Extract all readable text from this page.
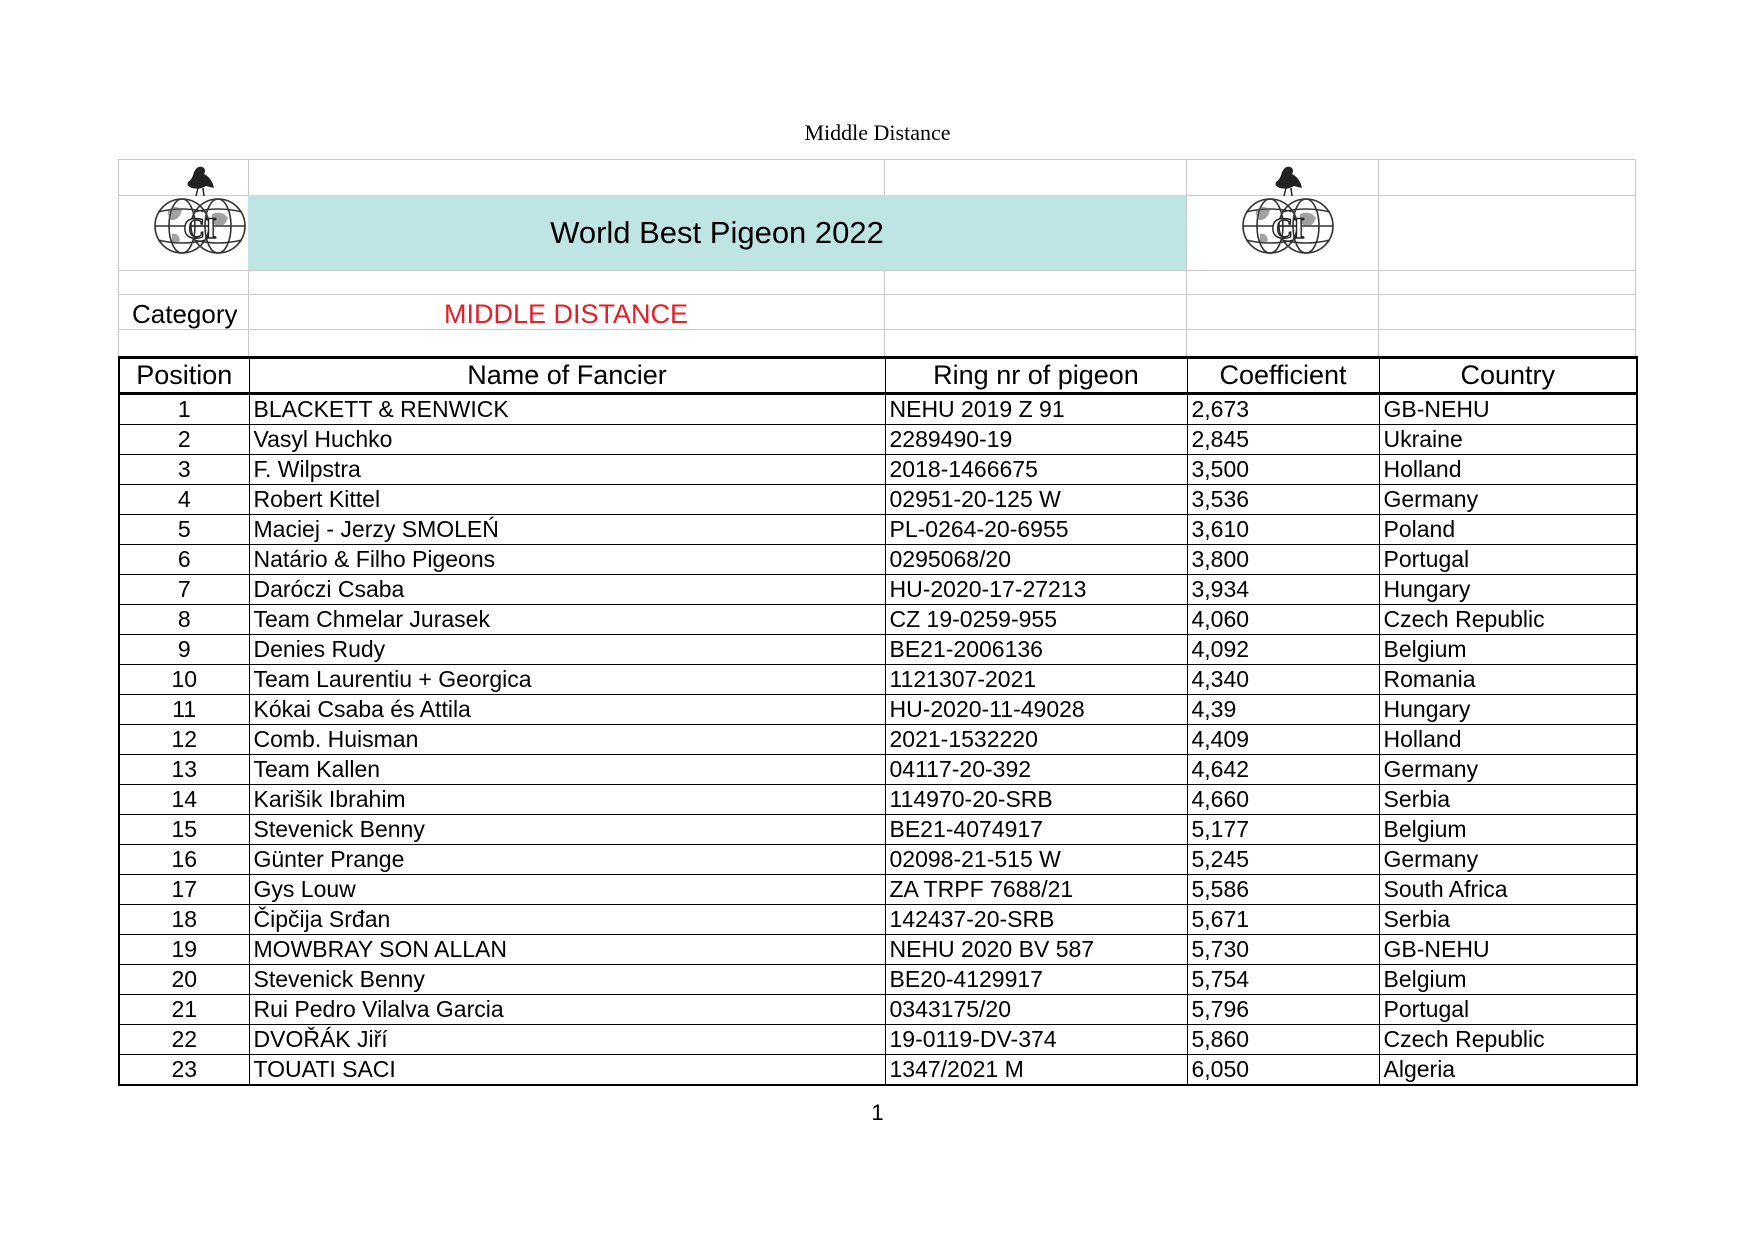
Middle Distance
World Best Pigeon 2022
CI	CI
Category	MIDDLE DISTANCE
Position	Name of Fancier	Ring nr of pigeon	Coefficient	Country
1	BLACKETT & RENWICK	NEHU 2019 Z 91	2,673	GB-NEHU
2	Vasyl Huchko	2289490-19	2,845	Ukraine
3	F. Wilpstra	2018-1466675	3,500	Holland
4	Robert Kittel	02951-20-125 W	3,536	Germany
5	Maciej - Jerzy SMOLEŃ	PL-0264-20-6955	3,610	Poland
6	Natário & Filho Pigeons	0295068/20	3,800	Portugal
7	Daróczi Csaba	HU-2020-17-27213	3,934	Hungary
8	Team Chmelar Jurasek	CZ 19-0259-955	4,060	Czech Republic
9	Denies Rudy	BE21-2006136	4,092	Belgium
10	Team Laurentiu + Georgica	1121307-2021	4,340	Romania
11	Kókai Csaba és Attila	HU-2020-11-49028	4,39	Hungary
12	Comb. Huisman	2021-1532220	4,409	Holland
13	Team Kallen	04117-20-392	4,642	Germany
14	Karišik Ibrahim	114970-20-SRB	4,660	Serbia
15	Stevenick Benny	BE21-4074917	5,177	Belgium
16	Günter Prange	02098-21-515 W	5,245	Germany
17	Gys Louw	ZA TRPF 7688/21	5,586	South Africa
18	Čipčija Srđan	142437-20-SRB	5,671	Serbia
19	MOWBRAY SON ALLAN	NEHU 2020 BV 587	5,730	GB-NEHU
20	Stevenick Benny	BE20-4129917	5,754	Belgium
21	Rui Pedro Vilalva Garcia	0343175/20	5,796	Portugal
22	DVOŘÁK Jiří	19-0119-DV-374	5,860	Czech Republic
23	TOUATI SACI	1347/2021 M	6,050	Algeria
1
